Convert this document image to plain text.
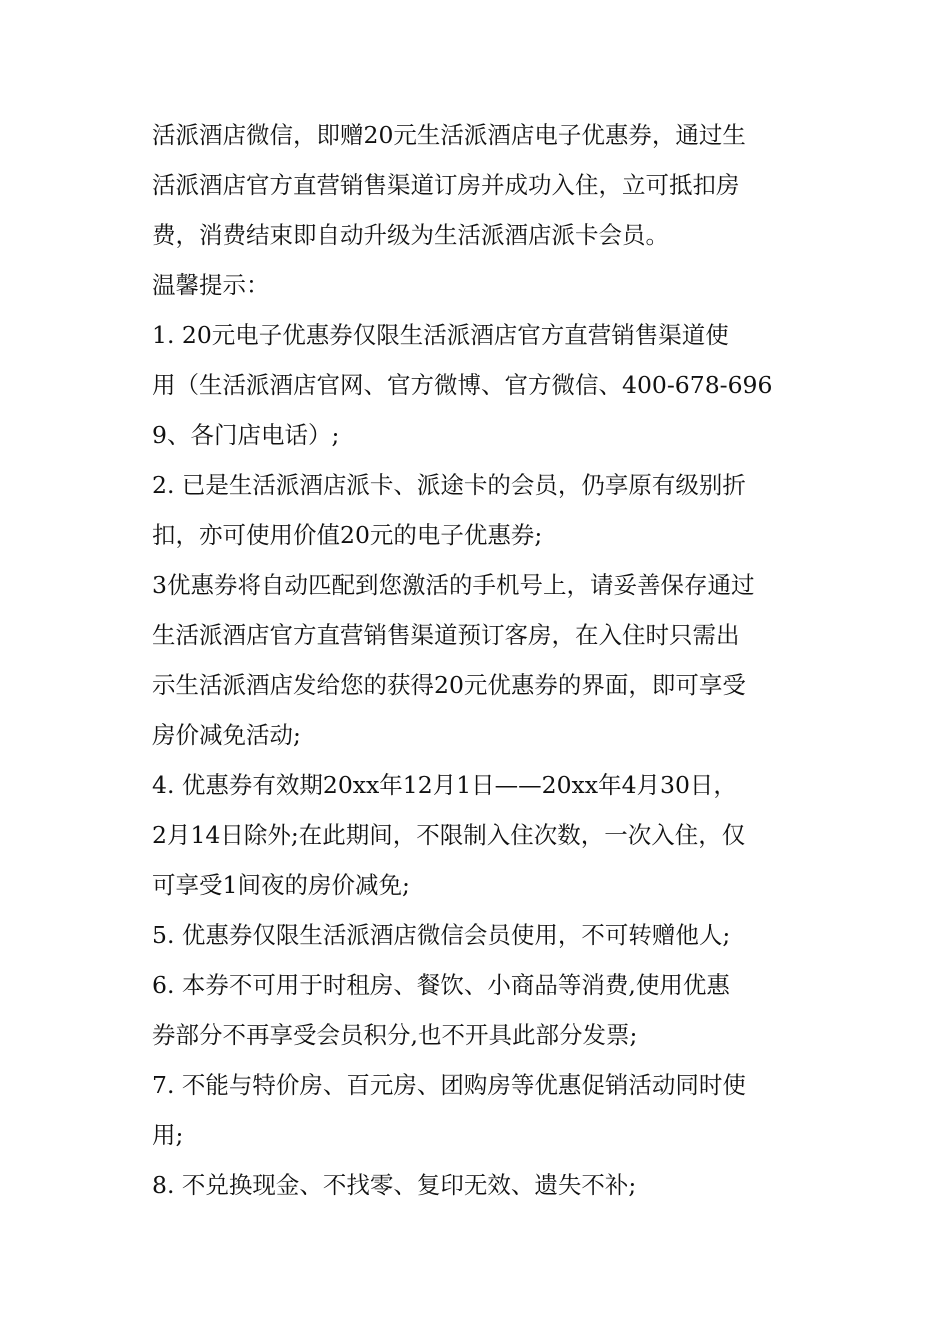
活派酒店微信，即赠20元生活派酒店电子优惠券，通过生
活派酒店官方直营销售渠道订房并成功入住，立可抵扣房
费，消费结束即自动升级为生活派酒店派卡会员。
温馨提示：
1. 20元电子优惠券仅限生活派酒店官方直营销售渠道使
用（生活派酒店官网、官方微博、官方微信、400-678-696
9、各门店电话）;
2. 已是生活派酒店派卡、派途卡的会员，仍享原有级别折
扣，亦可使用价值20元的电子优惠券;
3优惠券将自动匹配到您激活的手机号上，请妥善保存通过
生活派酒店官方直营销售渠道预订客房，在入住时只需出
示生活派酒店发给您的获得20元优惠券的界面，即可享受
房价减免活动;
4. 优惠券有效期20xx年12月1日——20xx年4月30日，
2月14日除外;在此期间，不限制入住次数，一次入住，仅
可享受1间夜的房价减免;
5. 优惠券仅限生活派酒店微信会员使用，不可转赠他人;
6. 本券不可用于时租房、餐饮、小商品等消费,使用优惠
券部分不再享受会员积分,也不开具此部分发票;
7. 不能与特价房、百元房、团购房等优惠促销活动同时使
用;
8. 不兑换现金、不找零、复印无效、遗失不补;
